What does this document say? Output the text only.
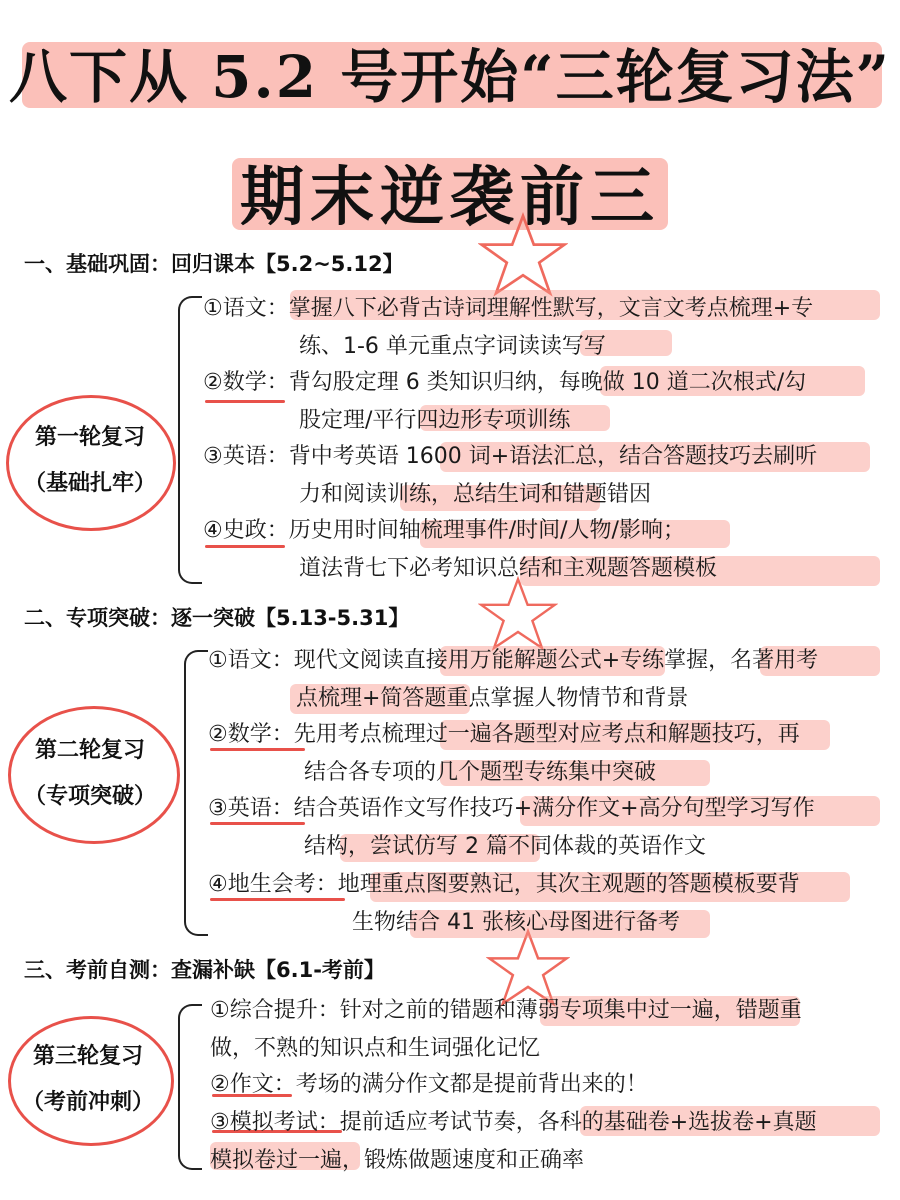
八下从 5.2 号开始“三轮复习法”
期末逆袭前三
一、基础巩固：回归课本【5.2~5.12】
第一轮复习
（基础扎牢）
①语文：掌握八下必背古诗词理解性默写，文言文考点梳理+专
练、1-6 单元重点字词读读写写
②数学：背勾股定理 6 类知识归纳，每晚做 10 道二次根式/勾
股定理/平行四边形专项训练
③英语：背中考英语 1600 词+语法汇总，结合答题技巧去刷听
力和阅读训练，总结生词和错题错因
④史政：历史用时间轴梳理事件/时间/人物/影响；
道法背七下必考知识总结和主观题答题模板
二、专项突破：逐一突破【5.13-5.31】
第二轮复习
（专项突破）
①语文：现代文阅读直接用万能解题公式+专练掌握，名著用考
点梳理+简答题重点掌握人物情节和背景
②数学：先用考点梳理过一遍各题型对应考点和解题技巧，再
结合各专项的几个题型专练集中突破
③英语：结合英语作文写作技巧+满分作文+高分句型学习写作
结构，尝试仿写 2 篇不同体裁的英语作文
④地生会考：地理重点图要熟记，其次主观题的答题模板要背
生物结合 41 张核心母图进行备考
三、考前自测：查漏补缺【6.1-考前】
第三轮复习
（考前冲刺）
①综合提升：针对之前的错题和薄弱专项集中过一遍，错题重
做，不熟的知识点和生词强化记忆
②作文：考场的满分作文都是提前背出来的！
③模拟考试：提前适应考试节奏，各科的基础卷+选拔卷+真题
模拟卷过一遍，锻炼做题速度和正确率
